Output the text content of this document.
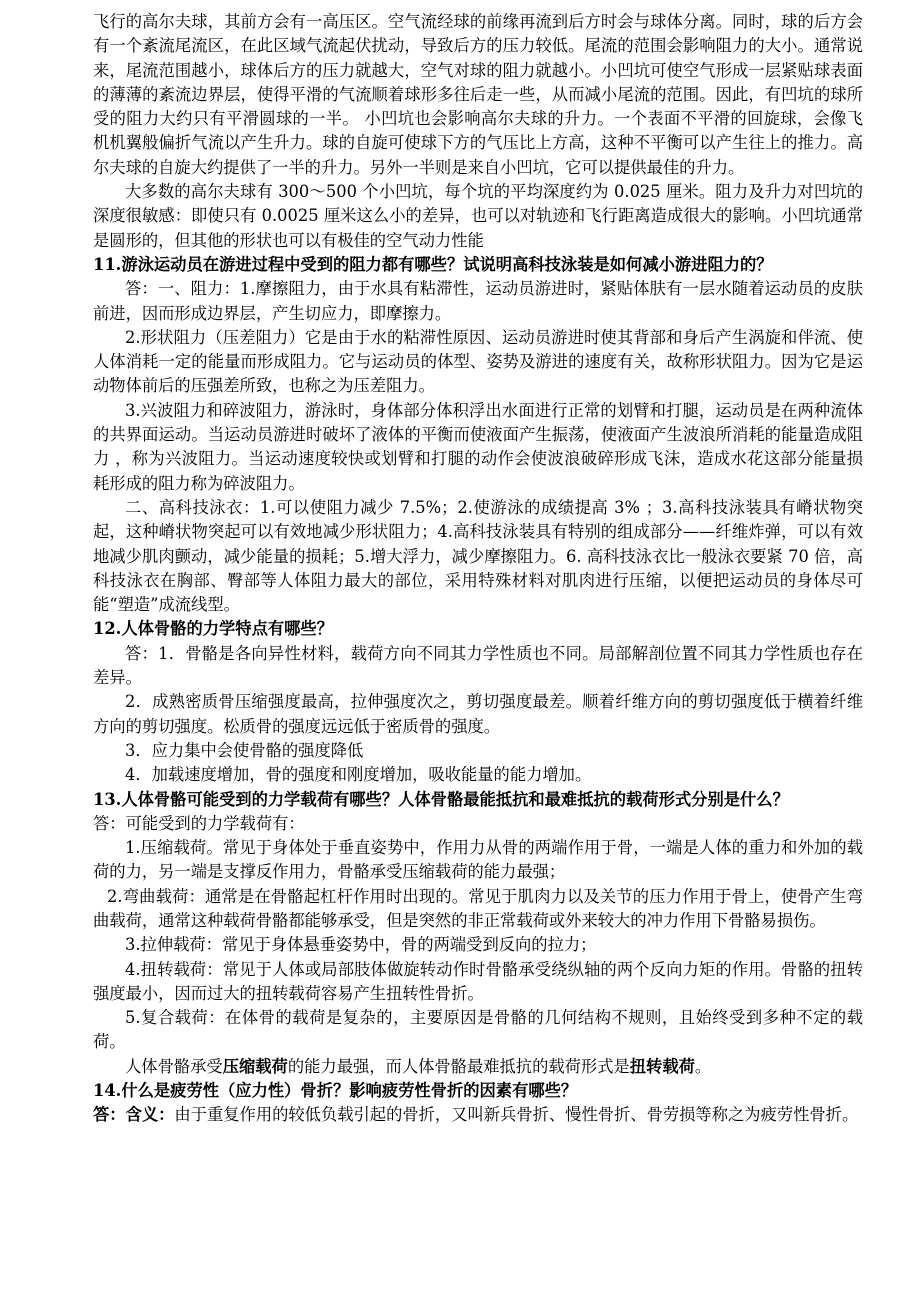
飞行的高尔夫球，其前方会有一高压区。空气流经球的前缘再流到后方时会与球体分离。同时，球的后方会有一个紊流尾流区，在此区域气流起伏扰动，导致后方的压力较低。尾流的范围会影响阻力的大小。通常说来，尾流范围越小，球体后方的压力就越大，空气对球的阻力就越小。小凹坑可使空气形成一层紧贴球表面的薄薄的紊流边界层，使得平滑的气流顺着球形多往后走一些，从而减小尾流的范围。因此，有凹坑的球所受的阻力大约只有平滑圆球的一半。 小凹坑也会影响高尔夫球的升力。一个表面不平滑的回旋球，会像飞机机翼般偏折气流以产生升力。球的自旋可使球下方的气压比上方高，这种不平衡可以产生往上的推力。高尔夫球的自旋大约提供了一半的升力。另外一半则是来自小凹坑，它可以提供最佳的升力。

大多数的高尔夫球有 300～500 个小凹坑，每个坑的平均深度约为 0.025 厘米。阻力及升力对凹坑的深度很敏感：即使只有 0.0025 厘米这么小的差异，也可以对轨迹和飞行距离造成很大的影响。小凹坑通常是圆形的，但其他的形状也可以有极佳的空气动力性能

11.游泳运动员在游进过程中受到的阻力都有哪些？试说明高科技泳装是如何减小游进阻力的？

答：一、阻力：1.摩擦阻力，由于水具有粘滞性，运动员游进时，紧贴体肤有一层水随着运动员的皮肤前进，因而形成边界层，产生切应力，即摩擦力。

2.形状阻力（压差阻力）它是由于水的粘滞性原因、运动员游进时使其背部和身后产生涡旋和伴流、使人体消耗一定的能量而形成阻力。它与运动员的体型、姿势及游进的速度有关，故称形状阻力。因为它是运动物体前后的压强差所致，也称之为压差阻力。

3.兴波阻力和碎波阻力，游泳时，身体部分体积浮出水面进行正常的划臂和打腿，运动员是在两种流体的共界面运动。当运动员游进时破坏了液体的平衡而使液面产生振荡，使液面产生波浪所消耗的能量造成阻力 ，称为兴波阻力。当运动速度较快或划臂和打腿的动作会使波浪破碎形成飞沫，造成水花这部分能量损耗形成的阻力称为碎波阻力。

二、高科技泳衣：1.可以使阻力减少 7.5%；2.使游泳的成绩提高 3% ；3.高科技泳装具有嵴状物突起，这种嵴状物突起可以有效地减少形状阻力；4.高科技泳装具有特别的组成部分——纤维炸弹，可以有效地减少肌肉颤动，减少能量的损耗；5.增大浮力，减少摩擦阻力。6. 高科技泳衣比一般泳衣要紧 70 倍，高科技泳衣在胸部、臀部等人体阻力最大的部位，采用特殊材料对肌肉进行压缩，以便把运动员的身体尽可能“塑造”成流线型。

12.人体骨骼的力学特点有哪些？

答：1．骨骼是各向异性材料，载荷方向不同其力学性质也不同。局部解剖位置不同其力学性质也存在差异。

2．成熟密质骨压缩强度最高，拉伸强度次之，剪切强度最差。顺着纤维方向的剪切强度低于横着纤维方向的剪切强度。松质骨的强度远远低于密质骨的强度。

3．应力集中会使骨骼的强度降低

4．加载速度增加，骨的强度和刚度增加，吸收能量的能力增加。

13.人体骨骼可能受到的力学载荷有哪些？人体骨骼最能抵抗和最难抵抗的载荷形式分别是什么？

答：可能受到的力学载荷有：

1.压缩载荷。常见于身体处于垂直姿势中，作用力从骨的两端作用于骨，一端是人体的重力和外加的载荷的力，另一端是支撑反作用力，骨骼承受压缩载荷的能力最强；

2.弯曲载荷：通常是在骨骼起杠杆作用时出现的。常见于肌肉力以及关节的压力作用于骨上，使骨产生弯曲载荷，通常这种载荷骨骼都能够承受，但是突然的非正常载荷或外来较大的冲力作用下骨骼易损伤。

3.拉伸载荷：常见于身体悬垂姿势中，骨的两端受到反向的拉力；

4.扭转载荷：常见于人体或局部肢体做旋转动作时骨骼承受绕纵轴的两个反向力矩的作用。骨骼的扭转强度最小，因而过大的扭转载荷容易产生扭转性骨折。

5.复合载荷：在体骨的载荷是复杂的，主要原因是骨骼的几何结构不规则，且始终受到多种不定的载荷。

人体骨骼承受压缩载荷的能力最强，而人体骨骼最难抵抗的载荷形式是扭转载荷。

14.什么是疲劳性（应力性）骨折？影响疲劳性骨折的因素有哪些？

答：含义：由于重复作用的较低负载引起的骨折，又叫新兵骨折、慢性骨折、骨劳损等称之为疲劳性骨折。
